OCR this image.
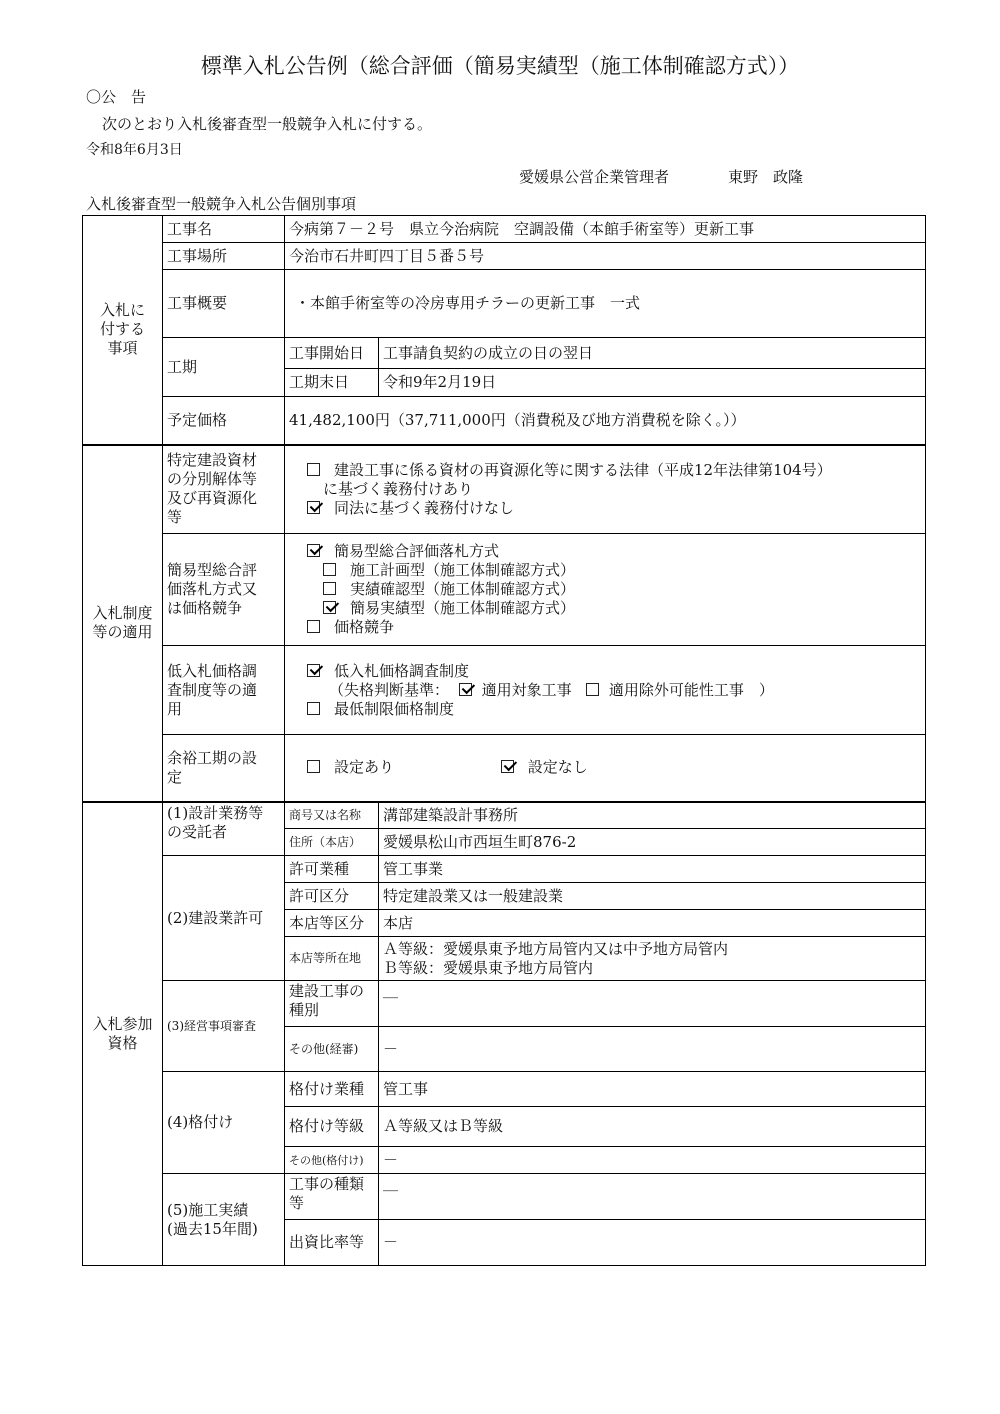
標準入札公告例（総合評価（簡易実績型（施工体制確認方式））
〇公　告
次のとおり入札後審査型一般競争入札に付する。
令和8年6月3日
愛媛県公営企業管理者	東野　政隆
入札後審査型一般競争入札公告個別事項
入札に
付する
事項	工事名	今病第７－２号　県立今治病院　空調設備（本館手術室等）更新工事	
	工事場所	今治市石井町四丁目５番５号	
	工事概要	・本館手術室等の冷房専用チラーの更新工事　一式	
	工期	工事開始日	工事請負契約の成立の日の翌日
		工期末日	令和9年2月19日
	予定価格	41,482,100円（37,711,000円（消費税及び地方消費税を除く。））	

入札制度
等の適用	特定建設資材
の分別解体等
及び再資源化
等	建設工事に係る資材の再資源化等に関する法律（平成12年法律第104号）
に基づく義務付けあり
同法に基づく義務付けなし	

	簡易型総合評
価落札方式又
は価格競争	簡易型総合評価落札方式
施工計画型（施工体制確認方式）
実績確認型（施工体制確認方式）
簡易実績型（施工体制確認方式）
価格競争	

	低入札価格調
査制度等の適
用	低入札価格調査制度
（失格判断基準： 適用対象工事 適用除外可能性工事　）
最低制限価格制度	

	余裕工期の設
定	設定あり 設定なし	

入札参加
資格	(1)設計業務等
の受託者	商号又は名称	溝部建築設計事務所
		住所（本店）	愛媛県松山市西垣生町876-2
	(2)建設業許可	許可業種	管工事業
		許可区分	特定建設業又は一般建設業
		本店等区分	本店
		本店等所在地	Ａ等級：愛媛県東予地方局管内又は中予地方局管内
Ｂ等級：愛媛県東予地方局管内

	(3)経営事項審査	建設工事の
種別	＿
		その他(経審)	－
	(4)格付け	格付け業種	管工事
		格付け等級	Ａ等級又はＢ等級
		その他(格付け)	－

	(5)施工実績
(過去15年間)	工事の種類
等	＿
		出資比率等	－
